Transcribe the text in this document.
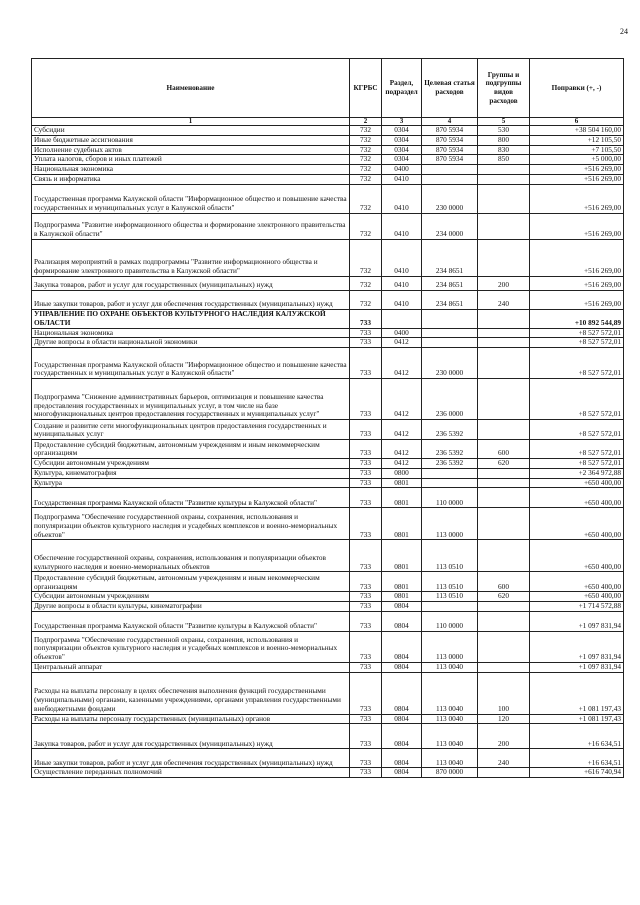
24
Наименование	КГРБС	Раздел, подраздел	Целевая статья расходов	Группы и подгруппы видов расходов	Поправки (+, -)
1	2	3	4	5	6
Субсидии	732	0304	870 5934	530	+38 504 160,00
Иные бюджетные ассигнования	732	0304	870 5934	800	+12 105,50
Исполнение судебных актов	732	0304	870 5934	830	+7 105,50
Уплата налогов, сборов и иных платежей	732	0304	870 5934	850	+5 000,00
Национальная экономика	732	0400			+516 269,00
Связь и информатика	732	0410			+516 269,00
Государственная программа Калужской области "Информационное общество и повышение качества государственных и муниципальных услуг в Калужской области"	732	0410	230 0000		+516 269,00
Подпрограмма "Развитие информационного общества и формирование электронного правительства в Калужской области"	732	0410	234 0000		+516 269,00
Реализация мероприятий в рамках подпрограммы "Развитие информационного общества и формирование электронного правительства в Калужской области"	732	0410	234 8651		+516 269,00
Закупка товаров, работ и услуг для государственных (муниципальных) нужд	732	0410	234 8651	200	+516 269,00
Иные закупки товаров, работ и услуг для обеспечения государственных (муниципальных) нужд	732	0410	234 8651	240	+516 269,00
УПРАВЛЕНИЕ ПО ОХРАНЕ ОБЪЕКТОВ КУЛЬТУРНОГО НАСЛЕДИЯ КАЛУЖСКОЙ ОБЛАСТИ	733				+10 892 544,89
Национальная экономика	733	0400			+8 527 572,01
Другие вопросы в области национальной экономики	733	0412			+8 527 572,01
Государственная программа Калужской области "Информационное общество и повышение качества государственных и муниципальных услуг в Калужской области"	733	0412	230 0000		+8 527 572,01
Подпрограмма "Снижение административных барьеров, оптимизация и повышение качества предоставления государственных и муниципальных услуг, в том числе на базе многофункциональных центров предоставления государственных и муниципальных услуг"	733	0412	236 0000		+8 527 572,01
Создание и развитие сети многофункциональных центров предоставления государственных и муниципальных услуг	733	0412	236 5392		+8 527 572,01
Предоставление субсидий бюджетным, автономным учреждениям и иным некоммерческим организациям	733	0412	236 5392	600	+8 527 572,01
Субсидии автономным учреждениям	733	0412	236 5392	620	+8 527 572,01
Культура, кинематография	733	0800			+2 364 972,88
Культура	733	0801			+650 400,00
Государственная программа Калужской области "Развитие культуры в Калужской области"	733	0801	110 0000		+650 400,00
Подпрограмма "Обеспечение государственной охраны, сохранения, использования и популяризации объектов культурного наследия и усадебных комплексов и военно-мемориальных объектов"	733	0801	113 0000		+650 400,00
Обеспечение государственной охраны, сохранения, использования и популяризации объектов культурного наследия и военно-мемориальных объектов	733	0801	113 0510		+650 400,00
Предоставление субсидий бюджетным, автономным учреждениям и иным некоммерческим организациям	733	0801	113 0510	600	+650 400,00
Субсидии автономным учреждениям	733	0801	113 0510	620	+650 400,00
Другие вопросы в области культуры, кинематографии	733	0804			+1 714 572,88
Государственная программа Калужской области "Развитие культуры в Калужской области"	733	0804	110 0000		+1 097 831,94
Подпрограмма "Обеспечение государственной охраны, сохранения, использования и популяризации объектов культурного наследия и усадебных комплексов и военно-мемориальных объектов"	733	0804	113 0000		+1 097 831,94
Центральный аппарат	733	0804	113 0040		+1 097 831,94
Расходы на выплаты персоналу в целях обеспечения выполнения функций государственными (муниципальными) органами, казенными учреждениями, органами управления государственными внебюджетными фондами	733	0804	113 0040	100	+1 081 197,43
Расходы на выплаты персоналу государственных (муниципальных) органов	733	0804	113 0040	120	+1 081 197,43
Закупка товаров, работ и услуг для государственных (муниципальных) нужд	733	0804	113 0040	200	+16 634,51
Иные закупки товаров, работ и услуг для обеспечения государственных (муниципальных) нужд	733	0804	113 0040	240	+16 634,51
Осуществление переданных полномочий	733	0804	870 0000		+616 740,94
